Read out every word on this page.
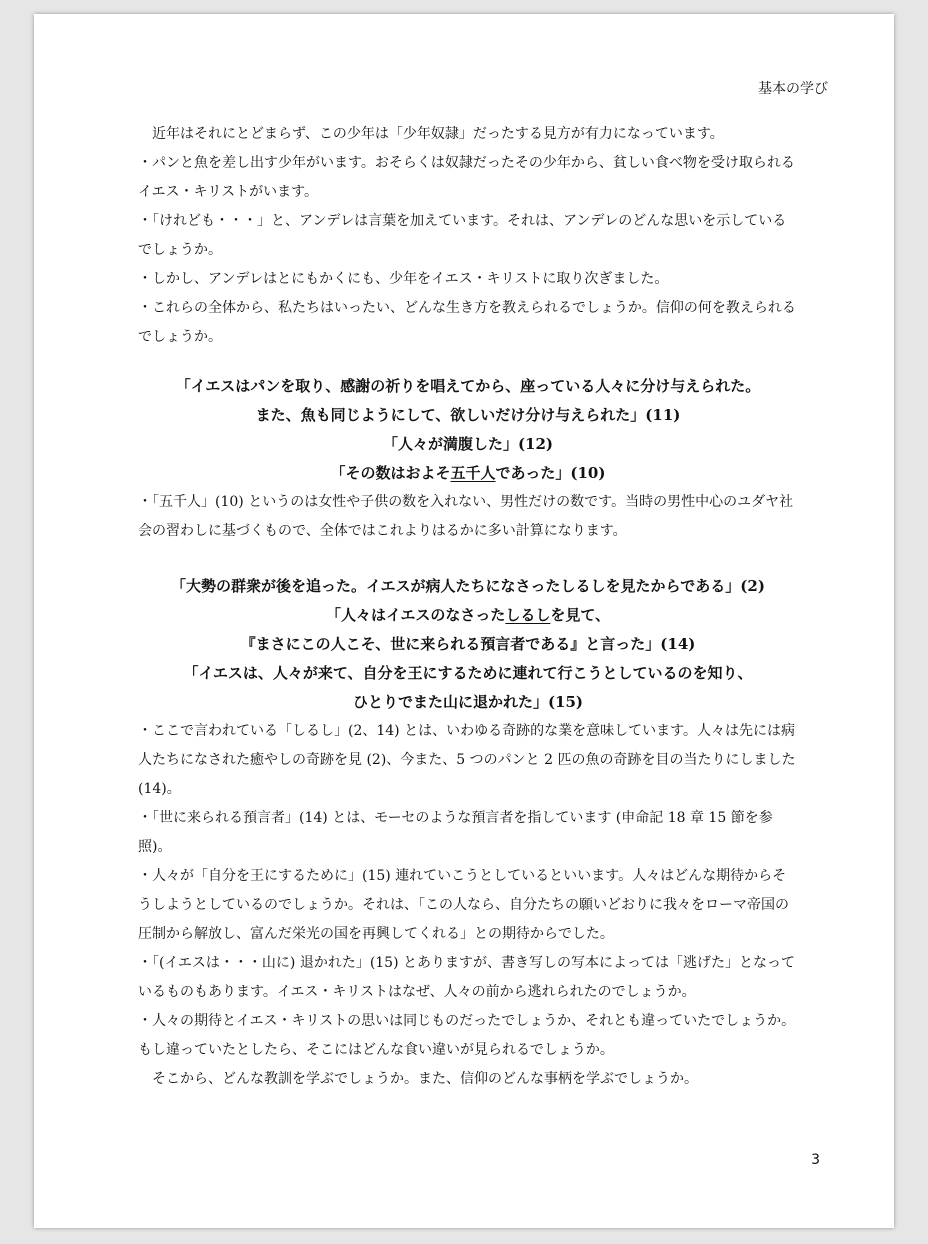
基本の学び

近年はそれにとどまらず、この少年は「少年奴隷」だったする見方が有力になっています。

・パンと魚を差し出す少年がいます。おそらくは奴隷だったその少年から、貧しい食べ物を受け取られるイエス・キリストがいます。

・「けれども・・・」と、アンデレは言葉を加えています。それは、アンデレのどんな思いを示しているでしょうか。

・しかし、アンデレはとにもかくにも、少年をイエス・キリストに取り次ぎました。

・これらの全体から、私たちはいったい、どんな生き方を教えられるでしょうか。信仰の何を教えられるでしょうか。

「イエスはパンを取り、感謝の祈りを唱えてから、座っている人々に分け与えられた。

また、魚も同じようにして、欲しいだけ分け与えられた」(11)

「人々が満腹した」(12)

「その数はおよそ五千人であった」(10)

・「五千人」(10) というのは女性や子供の数を入れない、男性だけの数です。当時の男性中心のユダヤ社会の習わしに基づくもので、全体ではこれよりはるかに多い計算になります。

「大勢の群衆が後を追った。イエスが病人たちになさったしるしを見たからである」(2)

「人々はイエスのなさったしるしを見て、

『まさにこの人こそ、世に来られる預言者である』と言った」(14)

「イエスは、人々が来て、自分を王にするために連れて行こうとしているのを知り、

ひとりでまた山に退かれた」(15)

・ここで言われている「しるし」(2、14) とは、いわゆる奇跡的な業を意味しています。人々は先には病人たちになされた癒やしの奇跡を見 (2)、今また、5 つのパンと 2 匹の魚の奇跡を目の当たりにしました (14)。

・「世に来られる預言者」(14) とは、モーセのような預言者を指しています (申命記 18 章 15 節を参照)。

・人々が「自分を王にするために」(15) 連れていこうとしているといいます。人々はどんな期待からそうしようとしているのでしょうか。それは、「この人なら、自分たちの願いどおりに我々をローマ帝国の圧制から解放し、富んだ栄光の国を再興してくれる」との期待からでした。

・「(イエスは・・・山に) 退かれた」(15) とありますが、書き写しの写本によっては「逃げた」となっているものもあります。イエス・キリストはなぜ、人々の前から逃れられたのでしょうか。

・人々の期待とイエス・キリストの思いは同じものだったでしょうか、それとも違っていたでしょうか。もし違っていたとしたら、そこにはどんな食い違いが見られるでしょうか。

そこから、どんな教訓を学ぶでしょうか。また、信仰のどんな事柄を学ぶでしょうか。

3
